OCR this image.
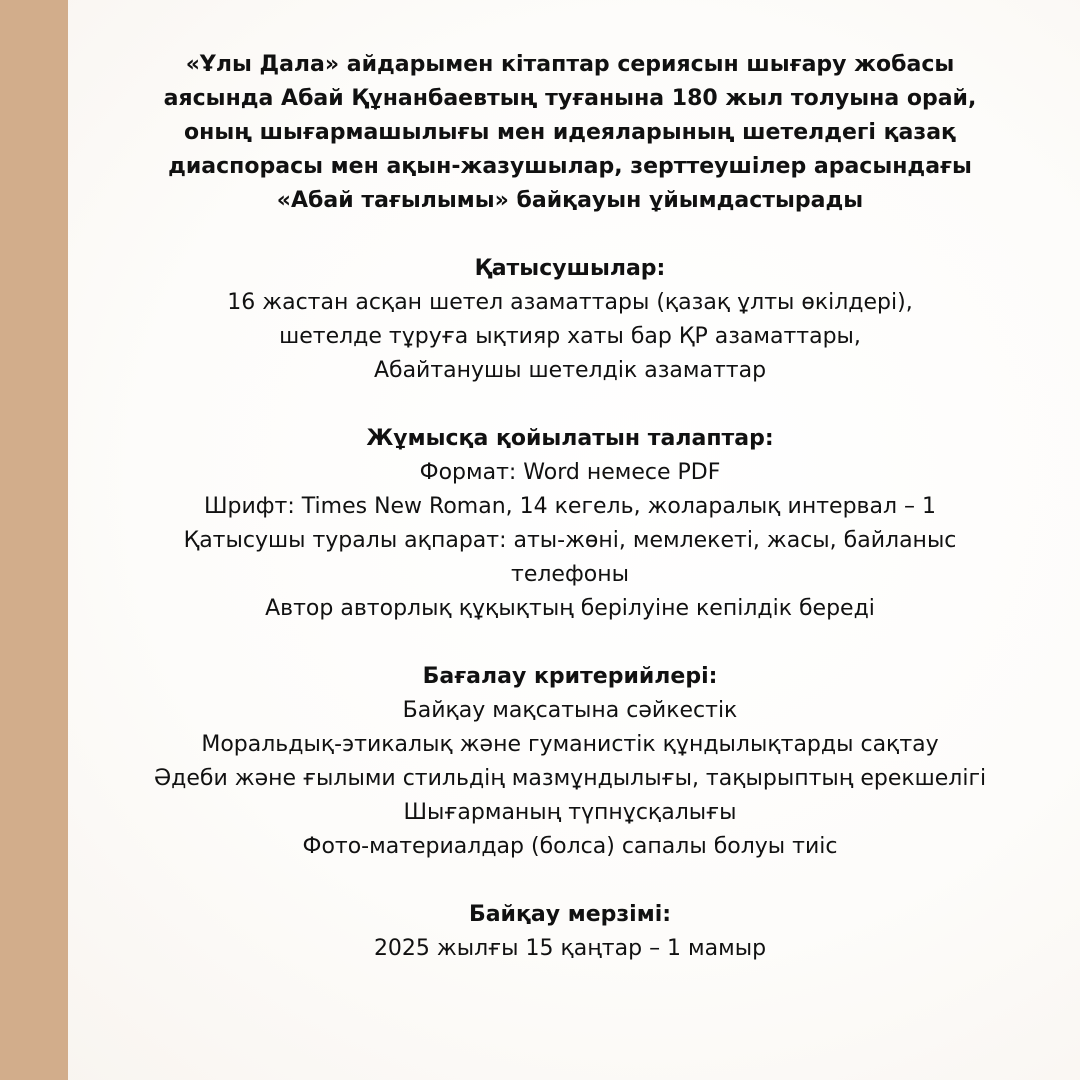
«Ұлы Дала» айдарымен кітаптар сериясын шығару жобасы

аясында Абай Құнанбаевтың туғанына 180 жыл толуына орай,

оның шығармашылығы мен идеяларының шетелдегі қазақ

диаспорасы мен ақын-жазушылар, зерттеушілер арасындағы

«Абай тағылымы» байқауын ұйымдастырады

Қатысушылар:

16 жастан асқан шетел азаматтары (қазақ ұлты өкілдері),

шетелде тұруға ықтияр хаты бар ҚР азаматтары,

Абайтанушы шетелдік азаматтар

Жұмысқа қойылатын талаптар:

Формат: Word немесе PDF

Шрифт: Times New Roman, 14 кегель, жоларалық интервал – 1

Қатысушы туралы ақпарат: аты-жөні, мемлекеті, жасы, байланыс

телефоны

Автор авторлық құқықтың берілуіне кепілдік береді

Бағалау критерийлері:

Байқау мақсатына сәйкестік

Моральдық-этикалық және гуманистік құндылықтарды сақтау

Әдеби және ғылыми стильдің мазмұндылығы, тақырыптың ерекшелігі

Шығарманың түпнұсқалығы

Фото-материалдар (болса) сапалы болуы тиіс

Байқау мерзімі:

2025 жылғы 15 қаңтар – 1 мамыр
